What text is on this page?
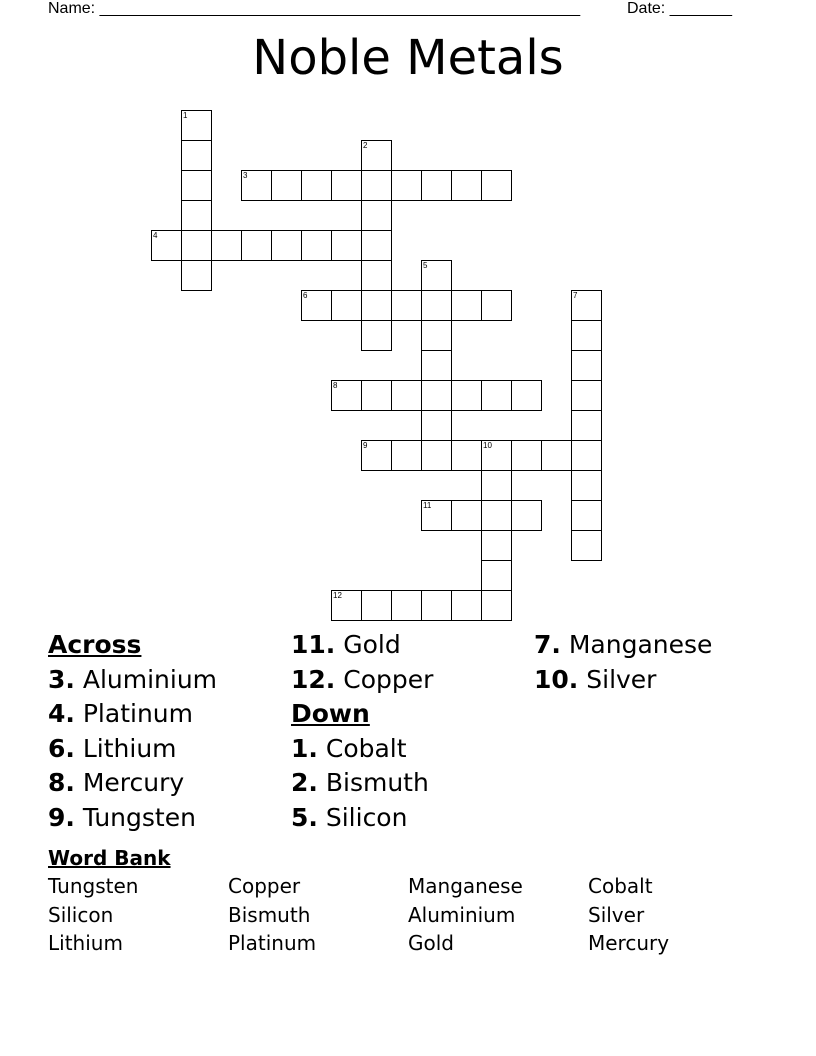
Name: ______________________________________________________	Date: _______
Noble Metals
1
2
3
4
5
6	7
8
9	10
11
12
Across
3. Aluminium
4. Platinum
6. Lithium
8. Mercury
9. Tungsten
11. Gold
12. Copper
Down
1. Cobalt
2. Bismuth
5. Silicon
7. Manganese
10. Silver
Word Bank
Tungsten	Copper	Manganese	Cobalt
Silicon	Bismuth	Aluminium	Silver
Lithium	Platinum	Gold	Mercury
